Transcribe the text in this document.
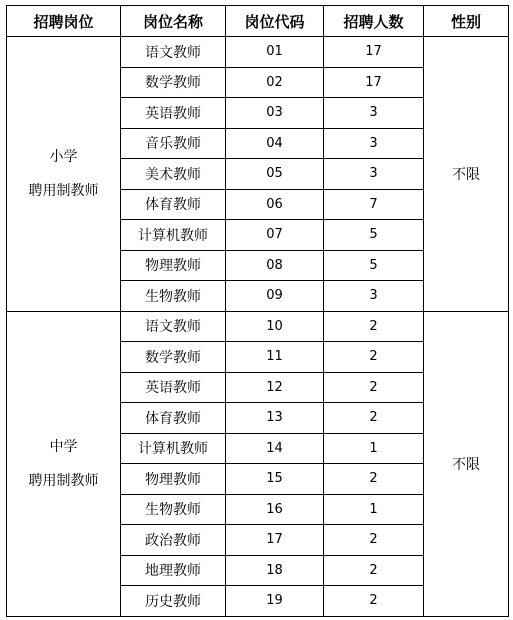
招聘岗位	岗位名称	岗位代码	招聘人数	性别

小学
聘用制教师	语文教师	01	17	不限
	数学教师	02	17	
	英语教师	03	3	
	音乐教师	04	3	
	美术教师	05	3	
	体育教师	06	7	
	计算机教师	07	5	
	物理教师	08	5	
	生物教师	09	3	

中学
聘用制教师	语文教师	10	2	不限
	数学教师	11	2	
	英语教师	12	2	
	体育教师	13	2	
	计算机教师	14	1	
	物理教师	15	2	
	生物教师	16	1	
	政治教师	17	2	
	地理教师	18	2	
	历史教师	19	2	
